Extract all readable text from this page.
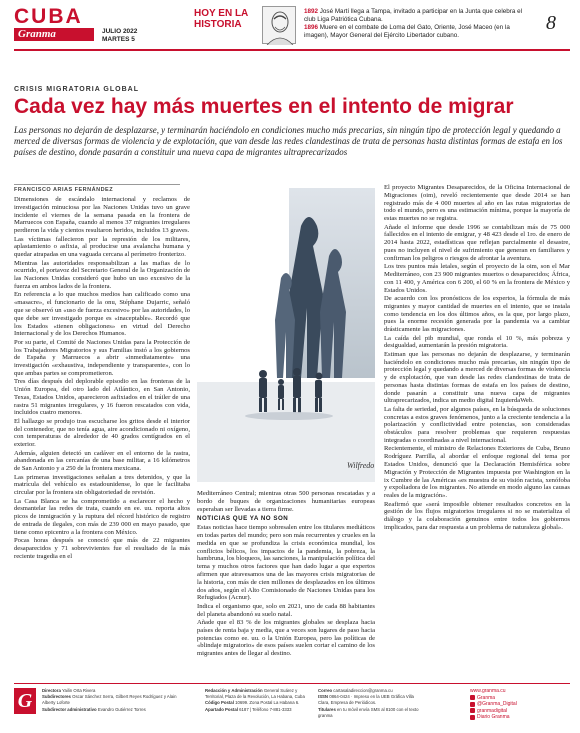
CUBA
Granma	JULIO 2022
MARTES 5
HOY EN LA HISTORIA
1892 José Martí llega a Tampa, invitado a participar en la Junta que celebra el club Liga Patriótica Cubana.
1896 Muere en el combate de Loma del Gato, Oriente, José Maceo (en la imagen), Mayor General del Ejército Libertador cubano.
8
CRISIS MIGRATORIA GLOBAL
Cada vez hay más muertes en el intento de migrar
Las personas no dejarán de desplazarse, y terminarán haciéndolo en condiciones mucho más precarias, sin ningún tipo de protección legal y quedando a merced de diversas formas de violencia y de explotación, que van desde las redes clandestinas de trata de personas hasta distintas formas de estafa en los países de destino, donde pasarán a constituir una nueva capa de migrantes ultraprecarizados
FRANCISCO ARIAS FERNÁNDEZ

Dimensiones de escándalo internacional y reclamos de investigación minuciosa por las Naciones Unidas tuvo un grave incidente el viernes de la semana pasada en la frontera de Marruecos con España, cuando al menos 37 migrantes irregulares perdieron la vida y cientos resultaron heridos, incluidos 13 graves.

Las víctimas fallecieron por la represión de los militares, aplastamiento o asfixia, al producirse una avalancha humana y quedar atrapadas en una vaguada cercana al perímetro fronterizo.

Mientras las autoridades responsabilizan a las mafias de lo ocurrido, el portavoz del Secretario General de la Organización de las Naciones Unidas consideró que hubo un uso excesivo de la fuerza en ambos lados de la frontera.

En referencia a lo que muchos medios han calificado como una «masacre», el funcionario de la onu, Stéphane Dujarric, señaló que se observó un «uso de fuerza excesivo» por las autoridades, lo que debe ser investigado porque es «inaceptable». Recordó que los Estados «tienen obligaciones» en virtud del Derecho Internacional y de los Derechos Humanos.

Por su parte, el Comité de Naciones Unidas para la Protección de los Trabajadores Migratorios y sus Familias instó a los gobiernos de España y Marruecos a abrir «inmediatamente» una investigación «exhaustiva, independiente y transparente», con lo que ambas partes se comprometieron.

Tres días después del deplorable episodio en las fronteras de la Unión Europea, del otro lado del Atlántico, en San Antonio, Texas, Estados Unidos, aparecieron asfixiados en el tráiler de una rastra 51 migrantes irregulares, y 16 fueron rescatados con vida, incluidos cuatro menores.

El hallazgo se produjo tras escucharse los gritos desde el interior del contenedor, que no tenía agua, aire acondicionado ni oxígeno, con temperaturas de alrededor de 40 grados centígrados en el exterior.

Además, alguien detectó un cadáver en el entorno de la rastra, abandonada en las cercanías de una base militar, a 16 kilómetros de San Antonio y a 250 de la frontera mexicana.

Las primeras investigaciones señalan a tres detenidos, y que la matrícula del vehículo es estadounidense, lo que le facilitaba circular por la frontera sin obligatoriedad de revisión.

La Casa Blanca se ha comprometido a esclarecer el hecho y desmantelar las redes de trata, cuando en ee. uu. reporta altos picos de inmigración y la ruptura del récord histórico de registro de entrada de ilegales, con más de 239 000 en mayo pasado, que tiene como epicentro a la frontera con México.

Pocas horas después se conoció que más de 22 migrantes desaparecidos y 71 sobrevivientes fue el resultado de la más reciente tragedia en el

Wilfredo

Mediterráneo Central; mientras otras 500 personas rescatadas y a bordo de buques de organizaciones humanitarias europeas esperaban ser llevadas a tierra firme.

NOTICIAS QUE YA NO SON

Estas noticias hace tiempo sobresalen entre los titulares mediáticos en todas partes del mundo; pero son más recurrentes y crueles en la medida en que se profundiza la crisis económica mundial, los conflictos bélicos, los impactos de la pandemia, la pobreza, la hambruna, los bloqueos, las sanciones, la manipulación política del tema y muchos otros factores que han dado lugar a que expertos afirmen que atravesamos una de las mayores crisis migratorias de la historia, con más de cien millones de desplazados en los últimos dos años, según el Alto Comisionado de Naciones Unidas para los Refugiados (Acnur).

Indica el organismo que, solo en 2021, uno de cada 88 habitantes del planeta abandonó su suelo natal.

Añade que el 83 % de los migrantes globales se desplaza hacia países de renta baja y media, que a veces son lugares de paso hacia potencias como ee. uu. o la Unión Europea, pero las políticas de «blindaje migratorio» de esos países suelen cortar el camino de los migrantes antes de llegar al destino.

El proyecto Migrantes Desaparecidos, de la Oficina Internacional de Migraciones (oim), reveló recientemente que desde 2014 se han registrado más de 4 000 muertes al año en las rutas migratorias de todo el mundo, pero es una estimación mínima, porque la mayoría de estas muertes no se registra.

Añade el informe que desde 1996 se contabilizan más de 75 000 fallecidos en el intento de emigrar, y 48 423 desde el 1ro. de enero de 2014 hasta 2022, estadísticas que reflejan parcialmente el desastre, pues no incluyen el nivel de sufrimiento que generan en familiares y confirman los peligros o riesgos de afrontar la aventura.

Los tres puntos más letales, según el proyecto de la oim, son el Mar Mediterráneo, con 23 900 migrantes muertos o desaparecidos; África, con 11 400, y América con 6 200, el 60 % en la frontera de México y Estados Unidos.

De acuerdo con los pronósticos de los expertos, la fórmula de más migrantes y mayor cantidad de muertes en el intento, que se instala como tendencia en los dos últimos años, es la que, por largo plazo, pues la enorme recesión generada por la pandemia va a cambiar drásticamente las migraciones.

La caída del pib mundial, que ronda el 10 %, más pobreza y desigualdad, aumentarán la presión migratoria.

Estiman que las personas no dejarán de desplazarse, y terminarán haciéndolo en condiciones mucho más precarias, sin ningún tipo de protección legal y quedando a merced de diversas formas de violencia y de explotación, que van desde las redes clandestinas de trata de personas hasta distintas formas de estafa en los países de destino, donde pasarán a constituir una nueva capa de migrantes ultraprecarizados, indica un medio digital IzquierdaWeb.

La falta de seriedad, por algunos países, en la búsqueda de soluciones concretas a estos graves fenómenos, junto a la creciente tendencia a la polarización y conflictividad entre potencias, son consideradas obstáculos para resolver problemas que requieren respuestas integradas o coordinadas a nivel internacional.

Recientemente, el ministro de Relaciones Exteriores de Cuba, Bruno Rodríguez Parrilla, al abordar el enfoque regional del tema por Estados Unidos, denunció que la Declaración Hemisférica sobre Migración y Protección de Migrantes impuesta por Washington en la ix Cumbre de las Américas «es muestra de su visión racista, xenófoba y expoliadora de los migrantes. No atiende en modo alguno las causas reales de la migración».

Reafirmó que «será imposible obtener resultados concretos en la gestión de los flujos migratorios irregulares si no se materializa el diálogo y la colaboración genuinos entre todos los gobiernos implicados, para dar respuesta a un problema de naturaleza global».

G	Directora Yailin Orta Rivera
Subdirectores Oscar Sánchez Serra, Gilbert Reyes Rodríguez y Alain Alberty Loforte
Subdirector administrativo Evandro Gutiérrez Torres
Redacción y Administración General Suárez y Territorial, Plaza de la Revolución, La Habana, Cuba
Código Postal 10699. Zona Postal La Habana 6.
Apartado Postal 6187 | Teléfono 7-881-3333
Correo cartasaladireccion@granma.cu
ISSN 0864-0424 · Impreso en la UEB Gráfica Villa Clara, Empresa de Periódicos.
Titulares en tu móvil envía SMS al 8100 con el texto granma
www.granma.cu
Granma
@Granma_Digital
granmadigital
Diario Granma
